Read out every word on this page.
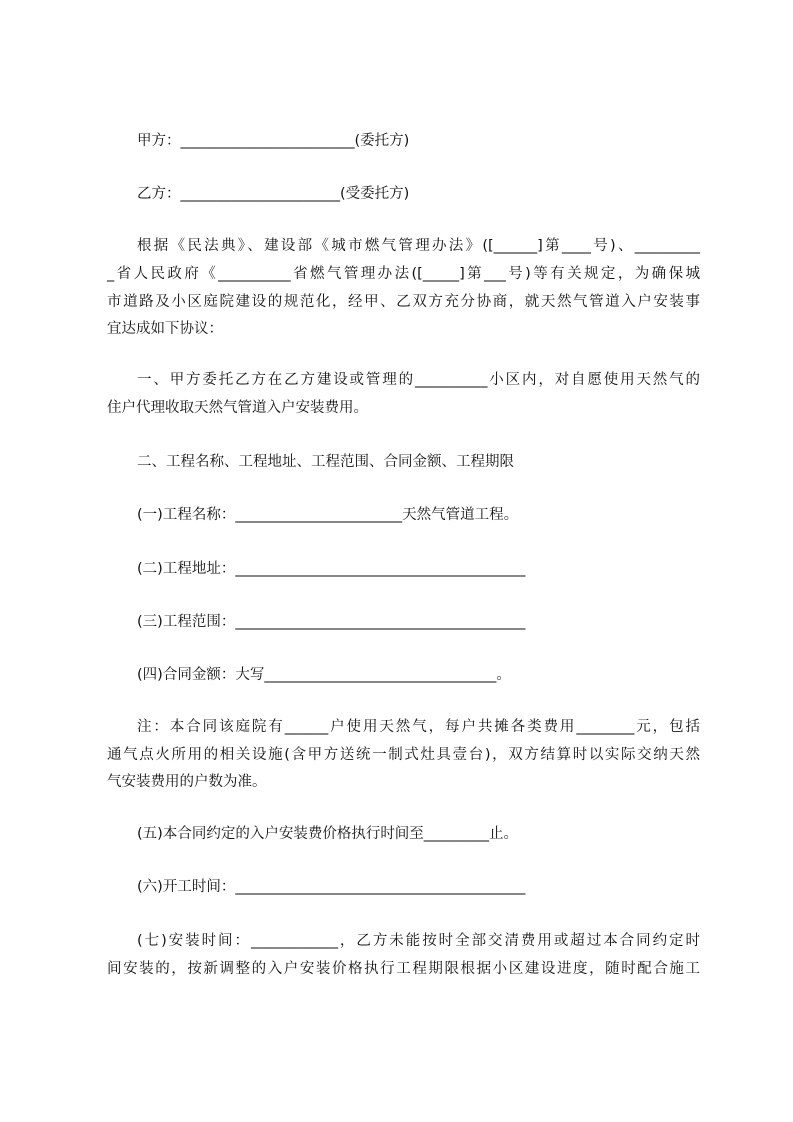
甲方：________________________(委托方)
乙方：______________________(受委托方)
根据《民法典》、建设部《城市燃气管理办法》([______]第____号)、_________
_省人民政府《__________省燃气管理办法([_____]第___号)等有关规定，为确保城
市道路及小区庭院建设的规范化，经甲、乙双方充分协商，就天然气管道入户安装事
宜达成如下协议：
一、甲方委托乙方在乙方建设或管理的__________小区内，对自愿使用天然气的
住户代理收取天然气管道入户安装费用。
二、工程名称、工程地址、工程范围、合同金额、工程期限
(一)工程名称：_______________________天然气管道工程。
(二)工程地址：________________________________________
(三)工程范围：________________________________________
(四)合同金额：大写________________________________。
注：本合同该庭院有______户使用天然气，每户共摊各类费用________元，包括
通气点火所用的相关设施(含甲方送统一制式灶具壹台)，双方结算时以实际交纳天然
气安装费用的户数为准。
(五)本合同约定的入户安装费价格执行时间至_________止。
(六)开工时间：________________________________________
(七)安装时间：____________，乙方未能按时全部交清费用或超过本合同约定时
间安装的，按新调整的入户安装价格执行工程期限根据小区建设进度，随时配合施工
